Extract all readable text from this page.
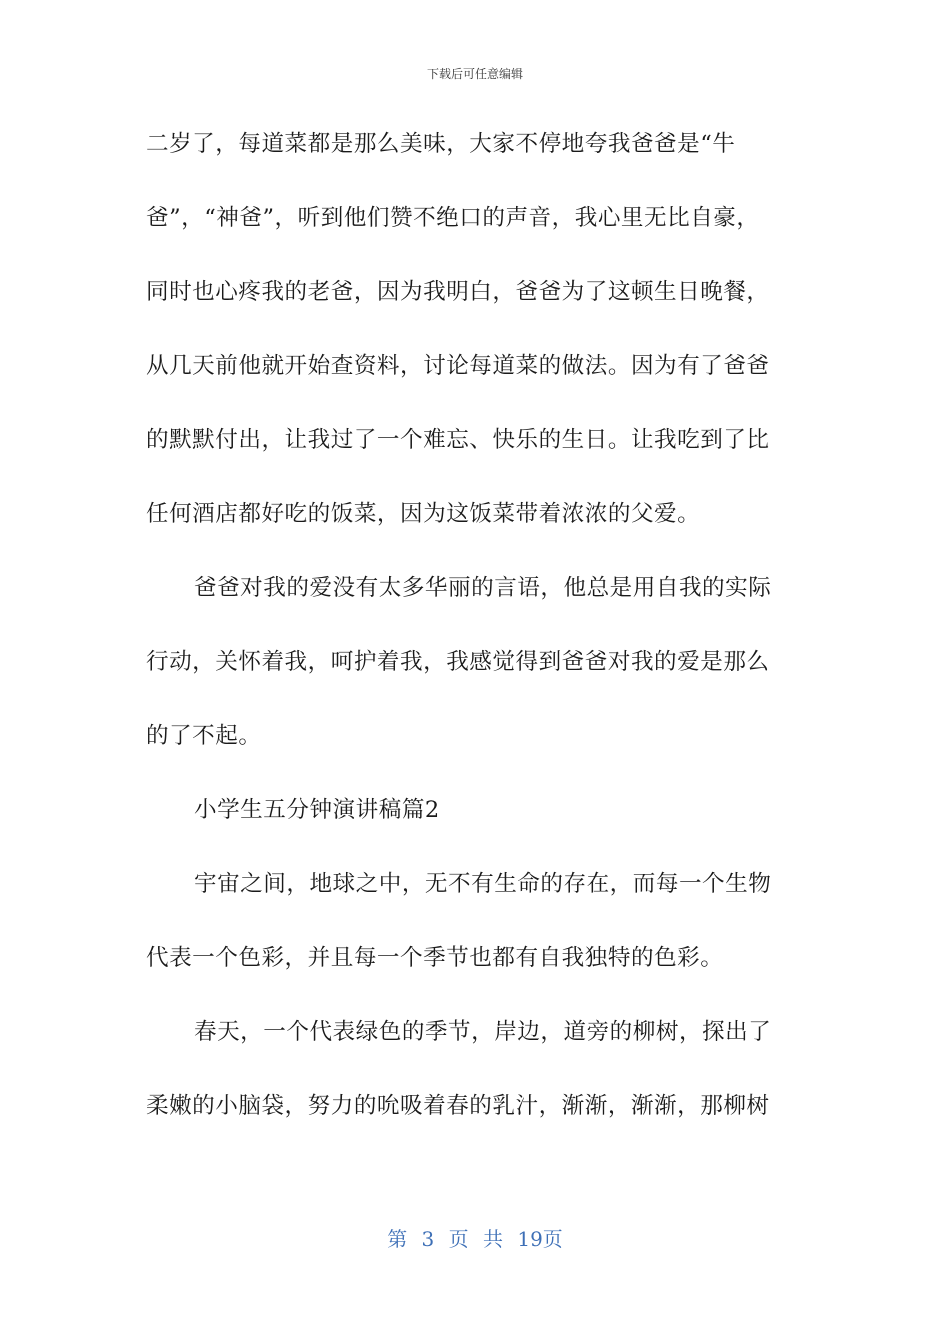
下载后可任意编辑
二岁了，每道菜都是那么美味，大家不停地夸我爸爸是“牛
爸”，“神爸”，听到他们赞不绝口的声音，我心里无比自豪，
同时也心疼我的老爸，因为我明白，爸爸为了这顿生日晚餐，
从几天前他就开始查资料，讨论每道菜的做法。因为有了爸爸
的默默付出，让我过了一个难忘、快乐的生日。让我吃到了比
任何酒店都好吃的饭菜，因为这饭菜带着浓浓的父爱。
爸爸对我的爱没有太多华丽的言语，他总是用自我的实际
行动，关怀着我，呵护着我，我感觉得到爸爸对我的爱是那么
的了不起。
小学生五分钟演讲稿篇2
宇宙之间，地球之中，无不有生命的存在，而每一个生物
代表一个色彩，并且每一个季节也都有自我独特的色彩。
春天，一个代表绿色的季节，岸边，道旁的柳树，探出了
柔嫩的小脑袋，努力的吮吸着春的乳汁，渐渐，渐渐，那柳树
第 3 页 共 19页
